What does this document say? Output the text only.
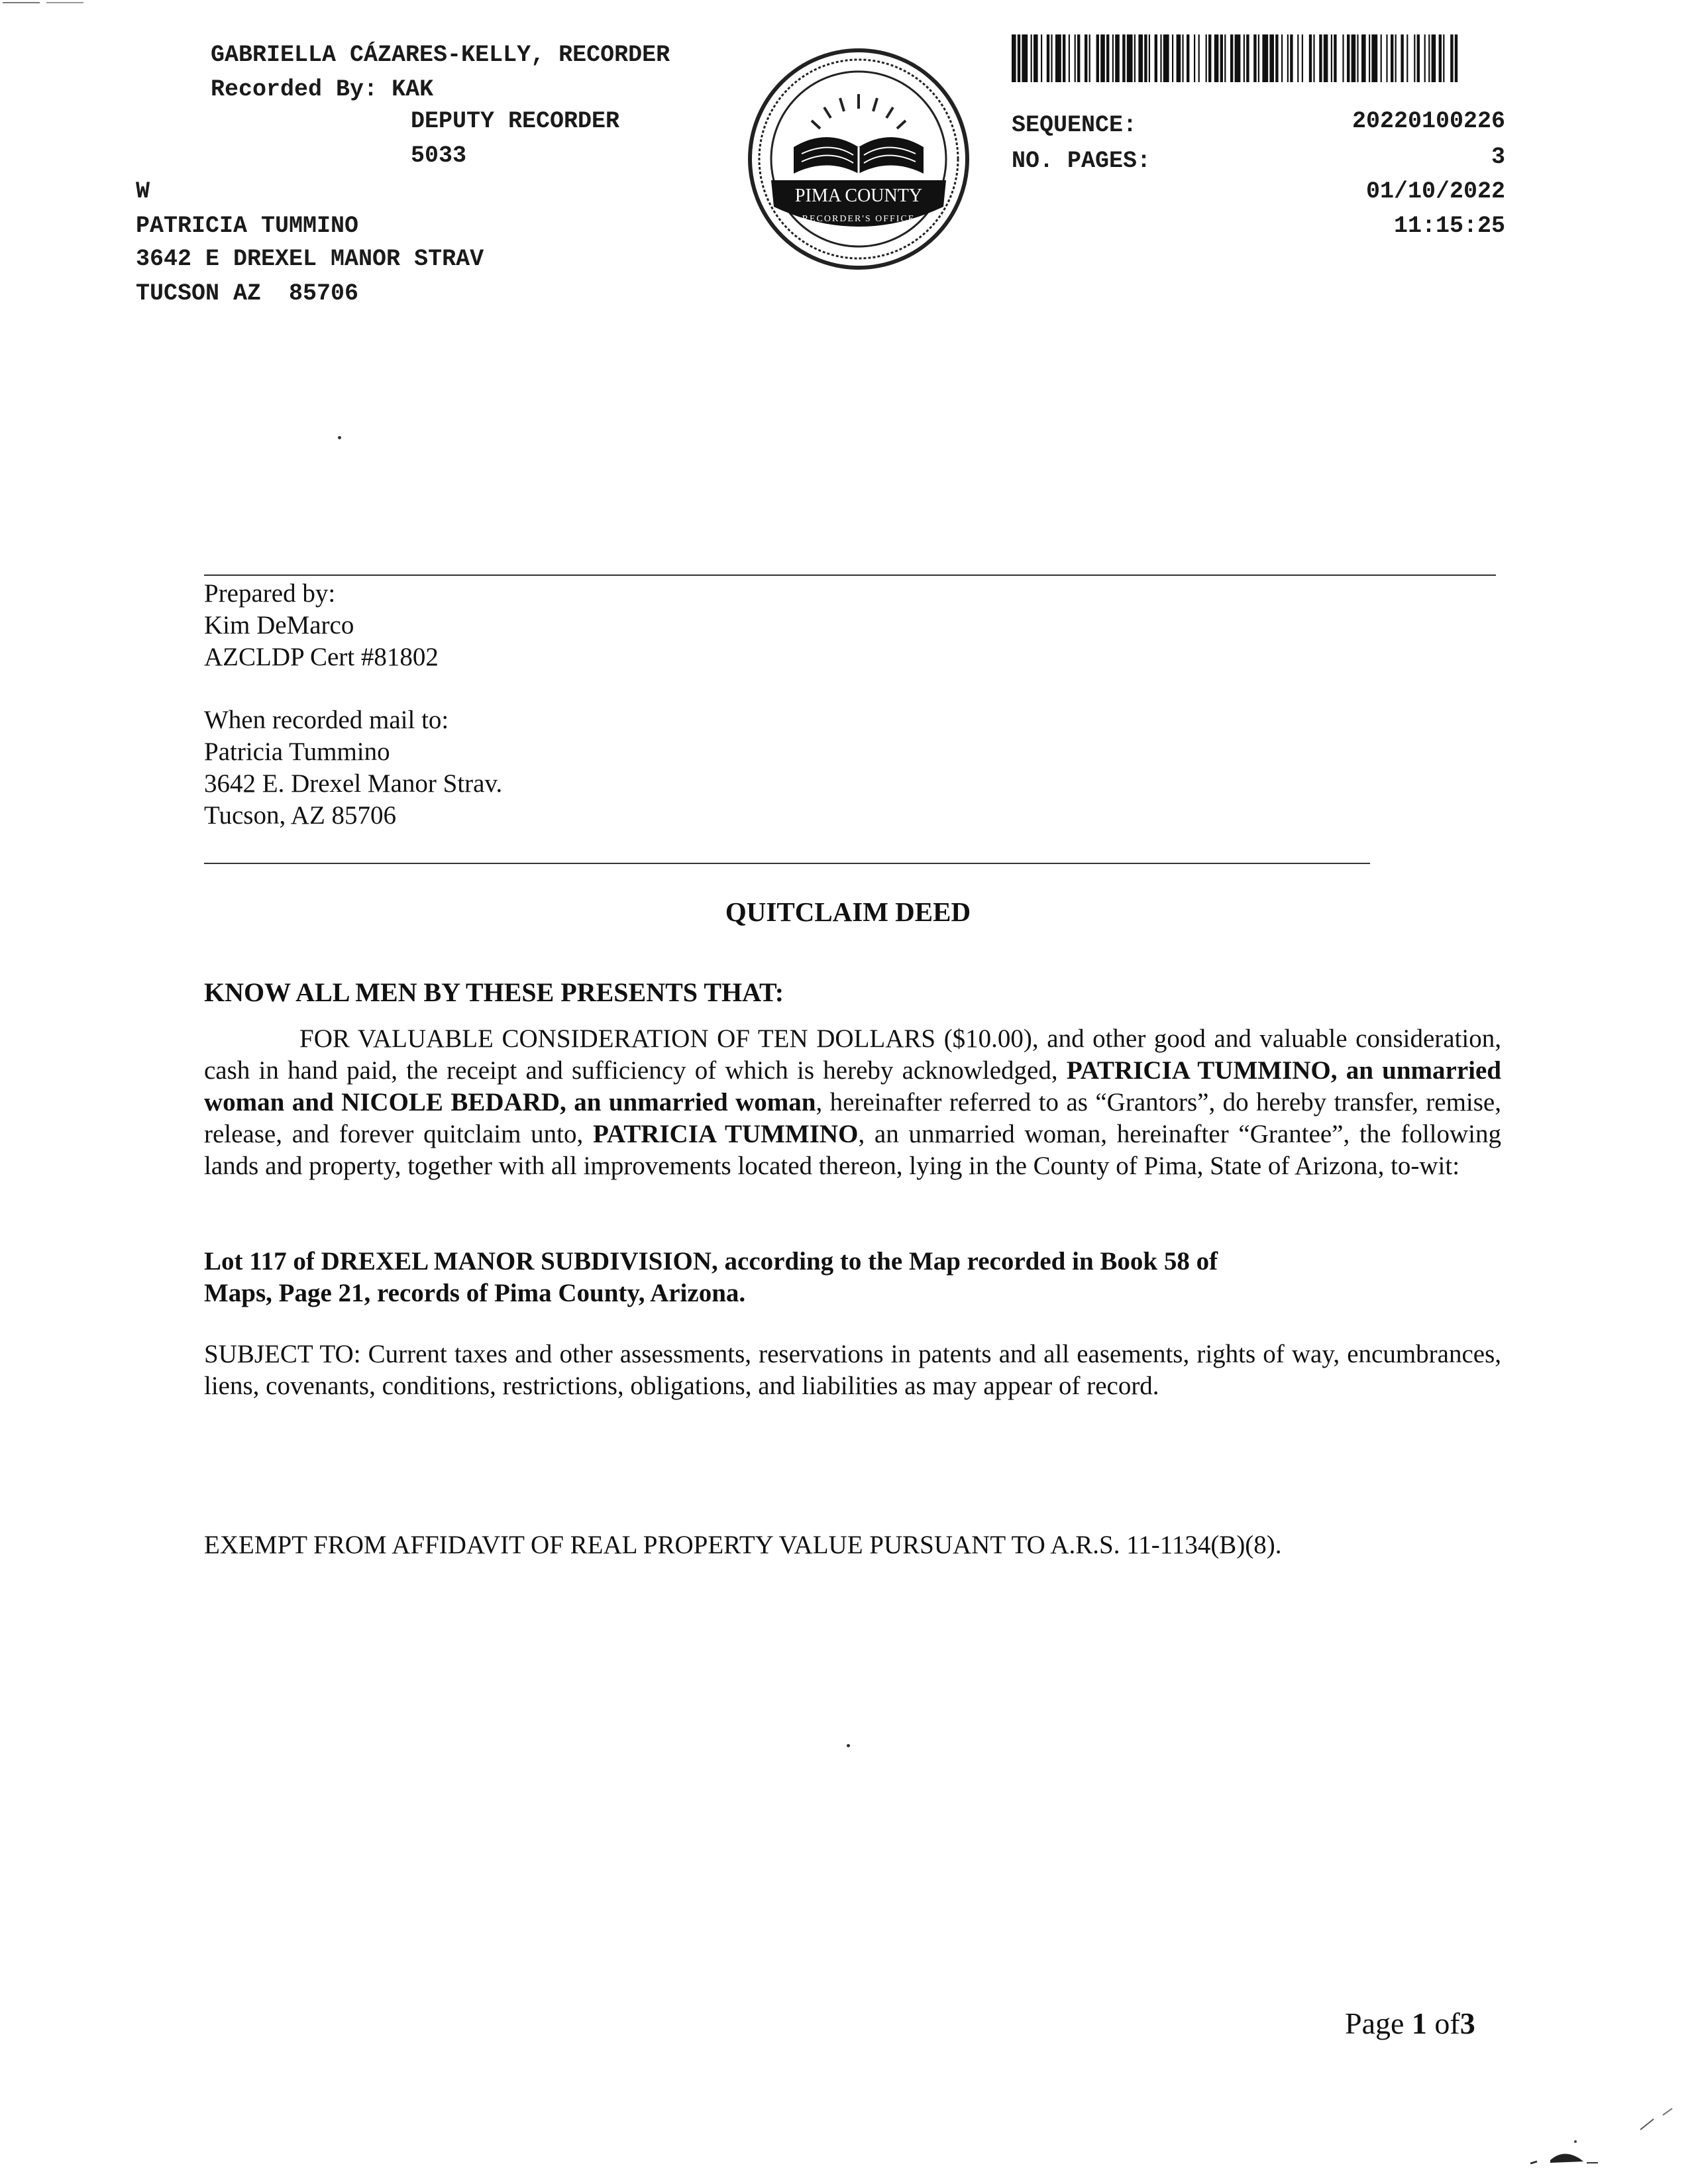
GABRIELLA CÁZARES-KELLY, RECORDER
Recorded By: KAK
DEPUTY RECORDER
5033
W
PATRICIA TUMMINO
3642 E DREXEL MANOR STRAV
TUCSON AZ  85706
PIMA COUNTY
RECORDER'S OFFICE
SEQUENCE:	20220100226
NO. PAGES:	3
01/10/2022
11:15:25
Prepared by:
Kim DeMarco
AZCLDP Cert #81802
When recorded mail to:
Patricia Tummino
3642 E. Drexel Manor Strav.
Tucson, AZ 85706
QUITCLAIM DEED
KNOW ALL MEN BY THESE PRESENTS THAT:
FOR VALUABLE CONSIDERATION OF TEN DOLLARS ($10.00), and other good and valuable consideration, cash in hand paid, the receipt and sufficiency of which is hereby acknowledged, PATRICIA TUMMINO, an unmarried woman and NICOLE BEDARD, an unmarried woman, hereinafter referred to as “Grantors”, do hereby transfer, remise, release, and forever quitclaim unto, PATRICIA TUMMINO, an unmarried woman, hereinafter “Grantee”, the following lands and property, together with all improvements located thereon, lying in the County of Pima, State of Arizona, to-wit:
Lot 117 of DREXEL MANOR SUBDIVISION, according to the Map recorded in Book 58 of
Maps, Page 21, records of Pima County, Arizona.
SUBJECT TO: Current taxes and other assessments, reservations in patents and all easements, rights of way, encumbrances, liens, covenants, conditions, restrictions, obligations, and liabilities as may appear of record.
EXEMPT FROM AFFIDAVIT OF REAL PROPERTY VALUE PURSUANT TO A.R.S. 11-1134(B)(8).
Page 1 of3
